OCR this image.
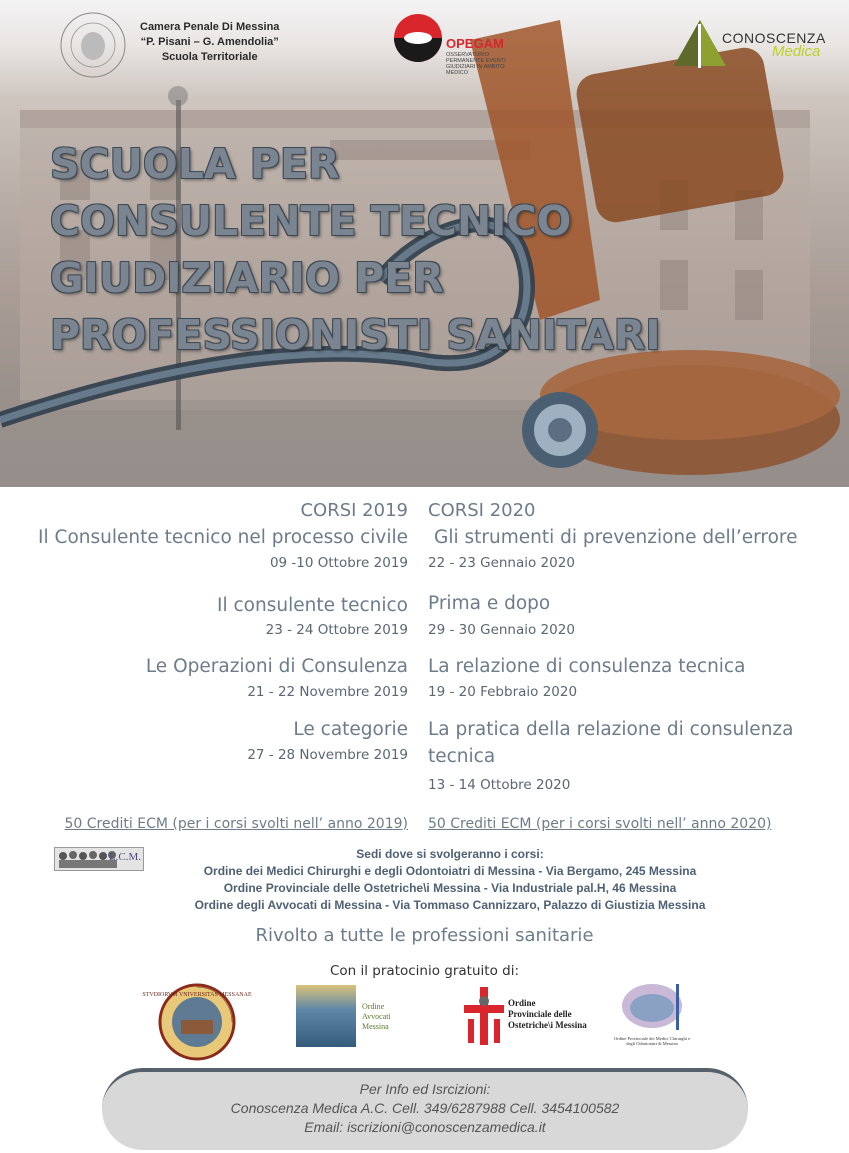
Camera Penale Di Messina
“P. Pisani – G. Amendolia”
Scuola Territoriale
OPEGAM
OSSERVATORIO PERMANENTE EVENTI GIUDIZIARI IN AMBITO MEDICO
CONOSCENZA
Medica
SCUOLA PER
CONSULENTE TECNICO
GIUDIZIARIO PER
PROFESSIONISTI SANITARI
CORSI 2019
Il Consulente tecnico nel processo civile
09 -10 Ottobre 2019
Il consulente tecnico
23 - 24 Ottobre 2019
Le Operazioni di Consulenza
21 - 22 Novembre 2019
Le categorie
27 - 28 Novembre 2019
50 Crediti ECM (per i corsi svolti nell’ anno 2019)
CORSI 2020
Gli strumenti di prevenzione dell’errore
22 - 23 Gennaio 2020
Prima e dopo
29 - 30 Gennaio 2020
La relazione di consulenza tecnica
19 - 20 Febbraio 2020
La pratica della relazione di consulenza
tecnica
13 - 14 Ottobre 2020
50 Crediti ECM (per i corsi svolti nell’ anno 2020)
E.C.M.	Sedi dove si svolgeranno i corsi:
Ordine dei Medici Chirurghi e degli Odontoiatri di Messina - Via Bergamo, 245 Messina
Ordine Provinciale delle Ostetriche\i Messina - Via Industriale pal.H, 46 Messina
Ordine degli Avvocati di Messina - Via Tommaso Cannizzaro, Palazzo di Giustizia Messina
Rivolto a tutte le professioni sanitarie
Con il pratocinio gratuito di:
STVDIORVM VNIVERSITAS MESSANAE
Ordine
Avvocati
Messina
Ordine
Provinciale delle
Ostetriche\i Messina
Ordine Provinciale dei Medici Chirurghi e degli Odontoiatri di Messina
Per Info ed Isrcizioni:
Conoscenza Medica A.C. Cell. 349/6287988 Cell. 3454100582
Email: iscrizioni@conoscenzamedica.it
